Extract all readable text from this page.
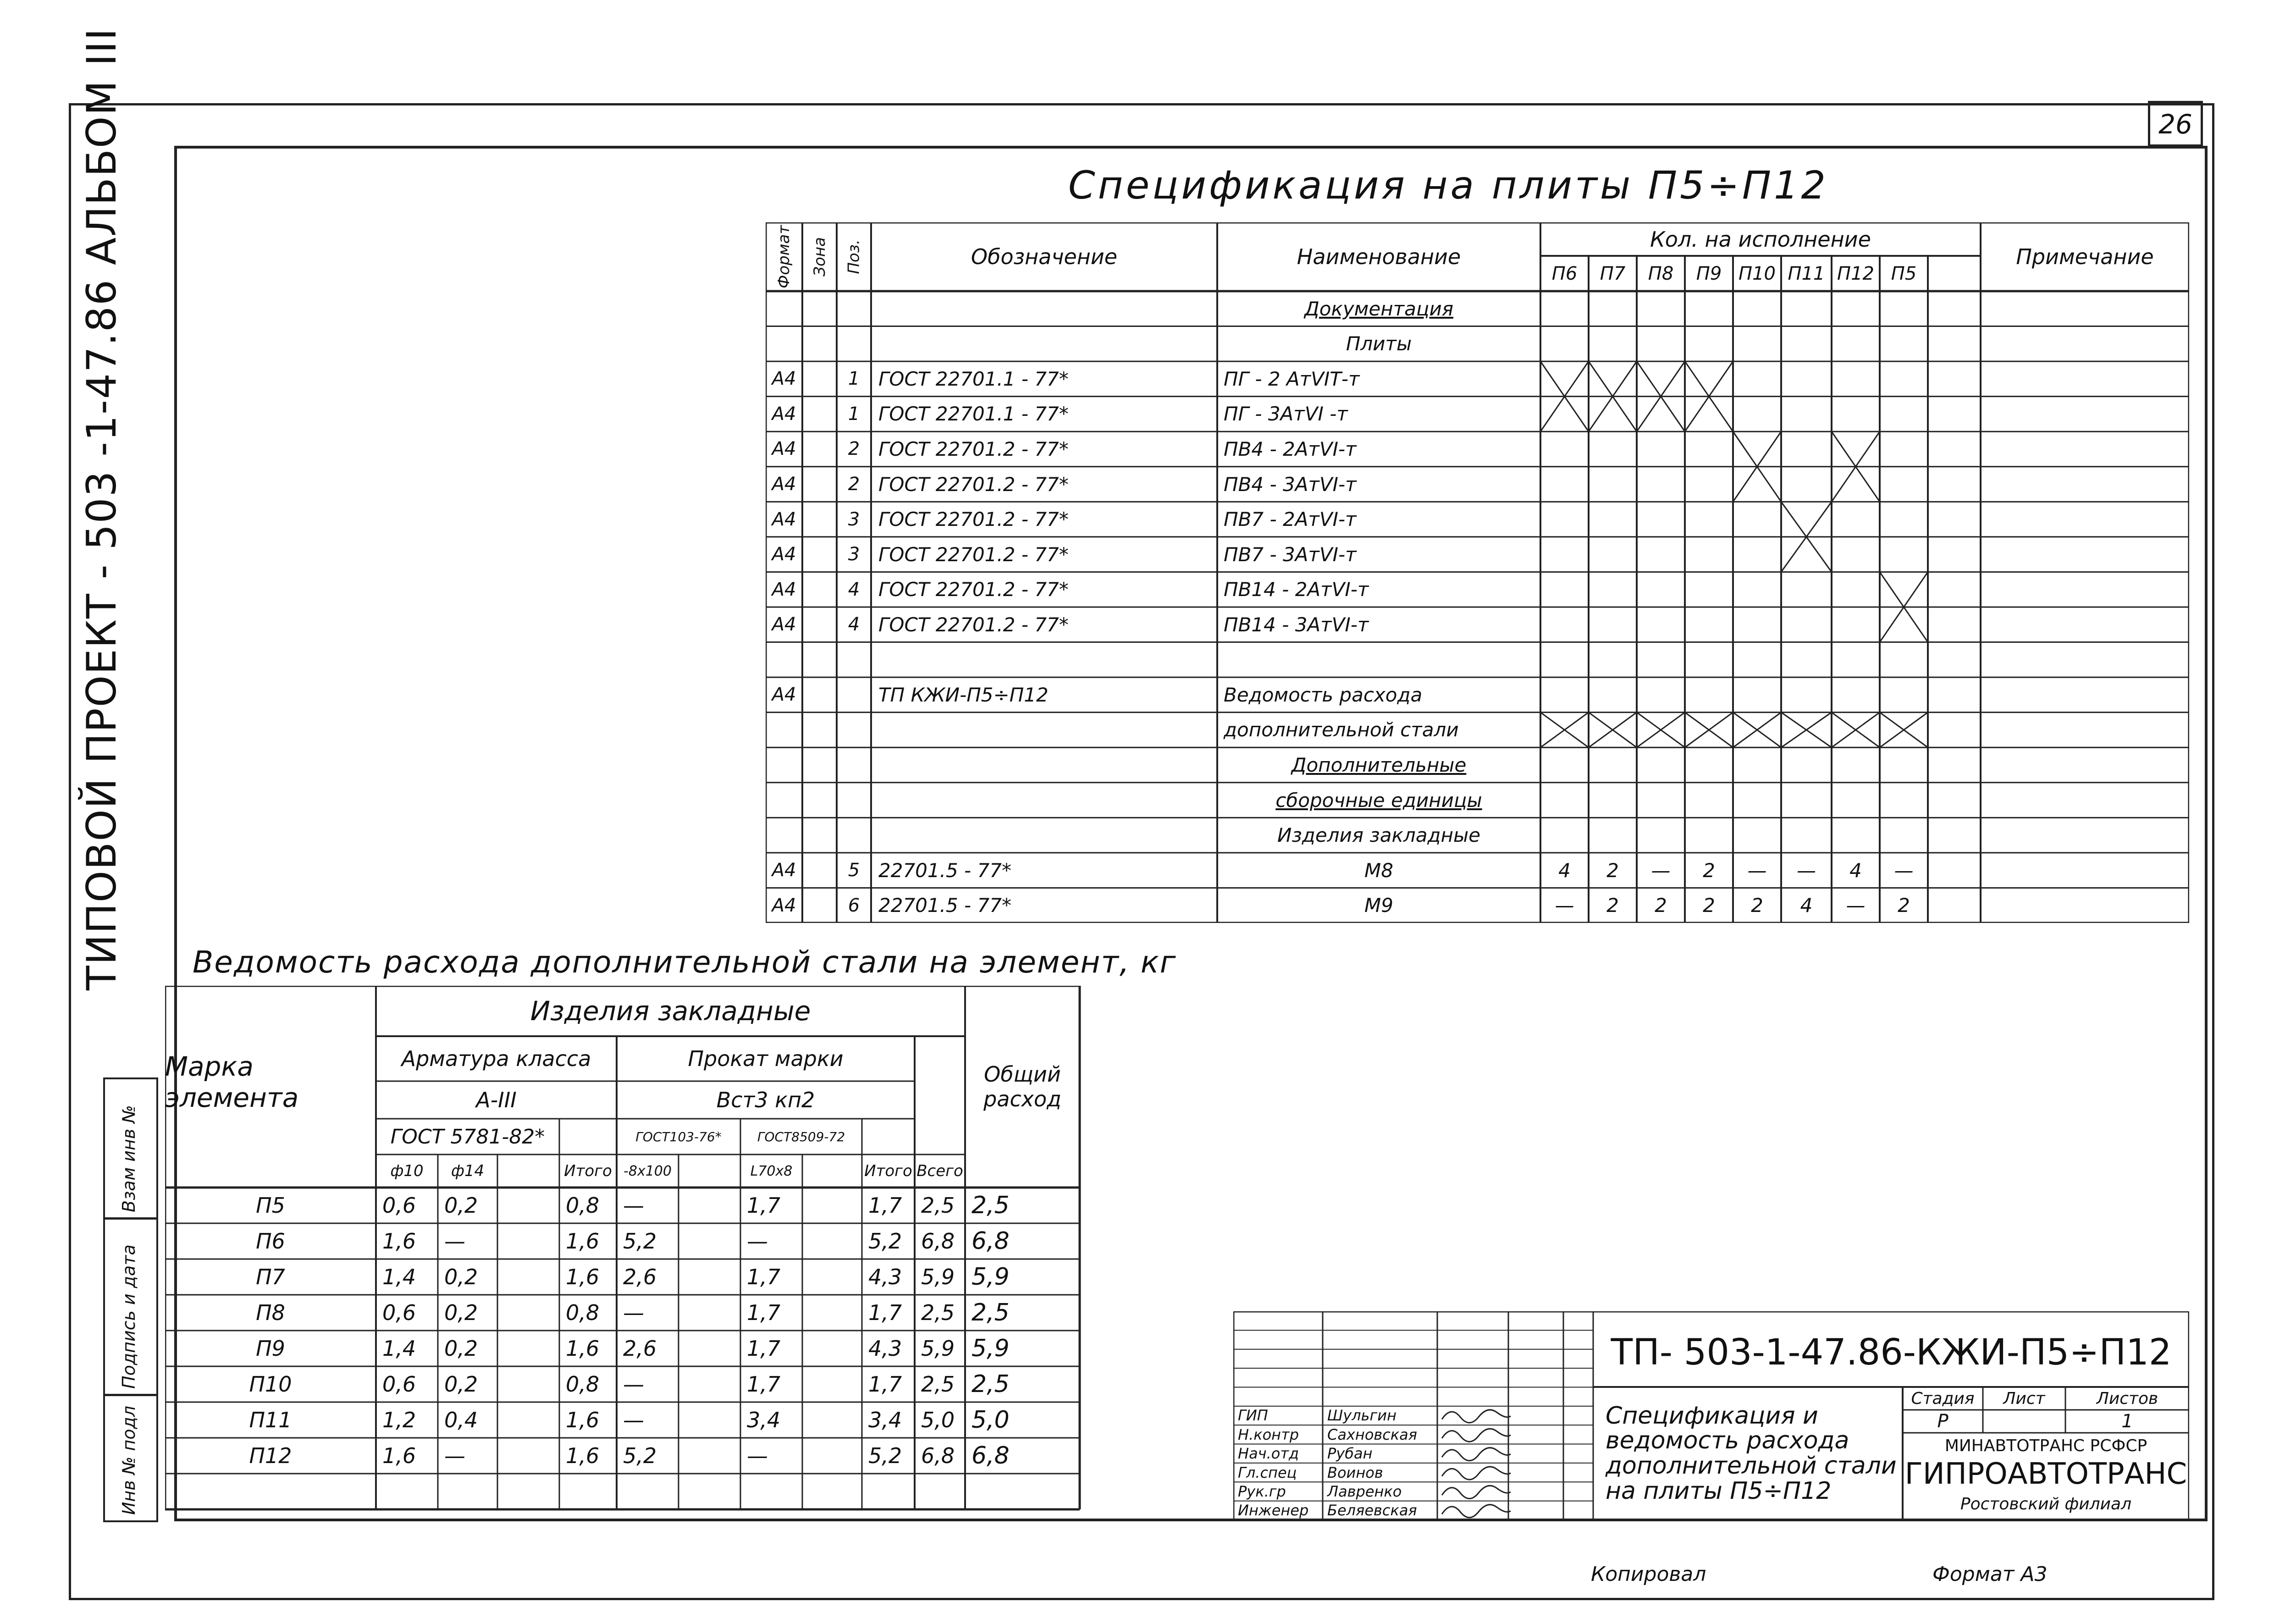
26
ТИПОВОЙ ПРОЕКТ - 503 -1-47.86 АЛЬБОМ III
Взам инв №
Подпись и дата
Инв № подл
Спецификация на плиты П5÷П12
Формат Зона Поз.	Обозначение	Наименование
Кол. на исполнение
П6 П7 П8 П9 П10 П11 П12 П5
Примечание
Документация
Плиты
А4	1 ГОСТ 22701.1 - 77*	ПГ - 2 АтVIТ-т
А4	1 ГОСТ 22701.1 - 77*	ПГ - 3АтVI -т
А4	2 ГОСТ 22701.2 - 77*	ПВ4 - 2АтVI-т
А4	2 ГОСТ 22701.2 - 77*	ПВ4 - 3АтVI-т
А4	3 ГОСТ 22701.2 - 77*	ПВ7 - 2АтVI-т
А4	3 ГОСТ 22701.2 - 77*	ПВ7 - 3АтVI-т
А4	4 ГОСТ 22701.2 - 77*	ПВ14 - 2АтVI-т
А4	4 ГОСТ 22701.2 - 77*	ПВ14 - 3АтVI-т
А4	ТП КЖИ-П5÷П12	Ведомость расхода
дополнительной стали
Дополнительные
сборочные единицы
Изделия закладные
А4	5 22701.5 - 77*	М8	4 2 — 2 — — 4 —
А4	6 22701.5 - 77*	М9	— 2 2 2 2 4 — 2
Ведомость расхода дополнительной стали на элемент, кг
Марка элемента
Изделия закладные
Арматура класса
А-III
ГОСТ 5781-82*
Прокат марки
Вст3 кп2
ГОСТ103-76*	ГОСТ8509-72
ф10 ф14	Итого -8х100	L70х8	Итого Всего
Общий расход
П5	0,6 0,2	0,8 —	1,7	1,7 2,5 2,5
П6	1,6 —	1,6 5,2	—	5,2 6,8 6,8
П7	1,4 0,2	1,6 2,6	1,7	4,3 5,9 5,9
П8	0,6 0,2	0,8 —	1,7	1,7 2,5 2,5
П9	1,4 0,2	1,6 2,6	1,7	4,3 5,9 5,9
П10	0,6 0,2	0,8 —	1,7	1,7 2,5 2,5
П11	1,2 0,4	1,6 —	3,4	3,4 5,0 5,0
П12	1,6 —	1,6 5,2	—	5,2 6,8 6,8
ТП- 503-1-47.86-КЖИ-П5÷П12
ГИП	Шульгин
Н.контр Сахновская
Нач.отд Рубан
Гл.спец Воинов
Рук.гр	Лавренко
Инженер Беляевская
Спецификация и ведомость расхода дополнительной стали на плиты П5÷П12
Стадия Лист	Листов
Р	1
МИНАВТОТРАНС РСФСР
ГИПРОАВТОТРАНС
Ростовский филиал
Копировал	Формат А3
